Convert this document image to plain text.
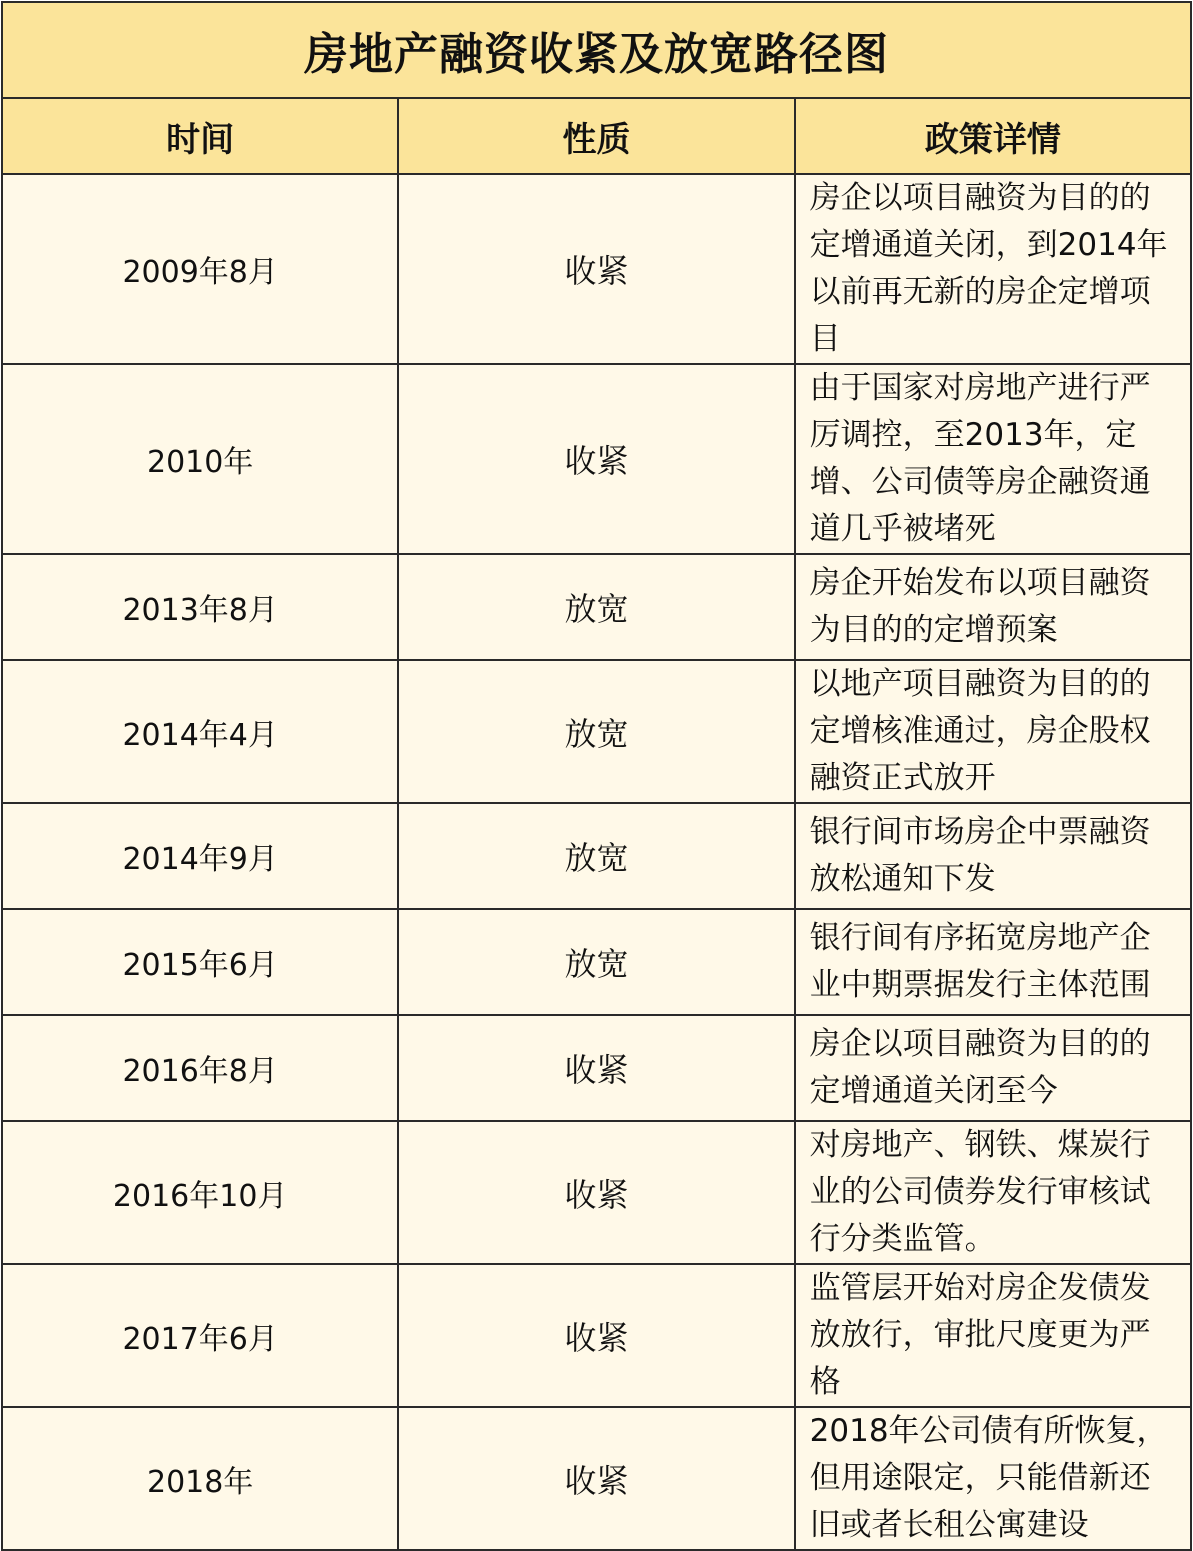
房地产融资收紧及放宽路径图		
时间	性质	政策详情
2009年8月	收紧	房企以项目融资为目的的定增通道关闭，到2014年以前再无新的房企定增项目
2010年	收紧	由于国家对房地产进行严厉调控，至2013年，定增、公司债等房企融资通道几乎被堵死
2013年8月	放宽	房企开始发布以项目融资为目的的定增预案
2014年4月	放宽	以地产项目融资为目的的定增核准通过，房企股权融资正式放开
2014年9月	放宽	银行间市场房企中票融资放松通知下发
2015年6月	放宽	银行间有序拓宽房地产企业中期票据发行主体范围
2016年8月	收紧	房企以项目融资为目的的定增通道关闭至今
2016年10月	收紧	对房地产、钢铁、煤炭行业的公司债券发行审核试行分类监管。
2017年6月	收紧	监管层开始对房企发债发放放行，审批尺度更为严格
2018年	收紧	2018年公司债有所恢复，但用途限定，只能借新还旧或者长租公寓建设
